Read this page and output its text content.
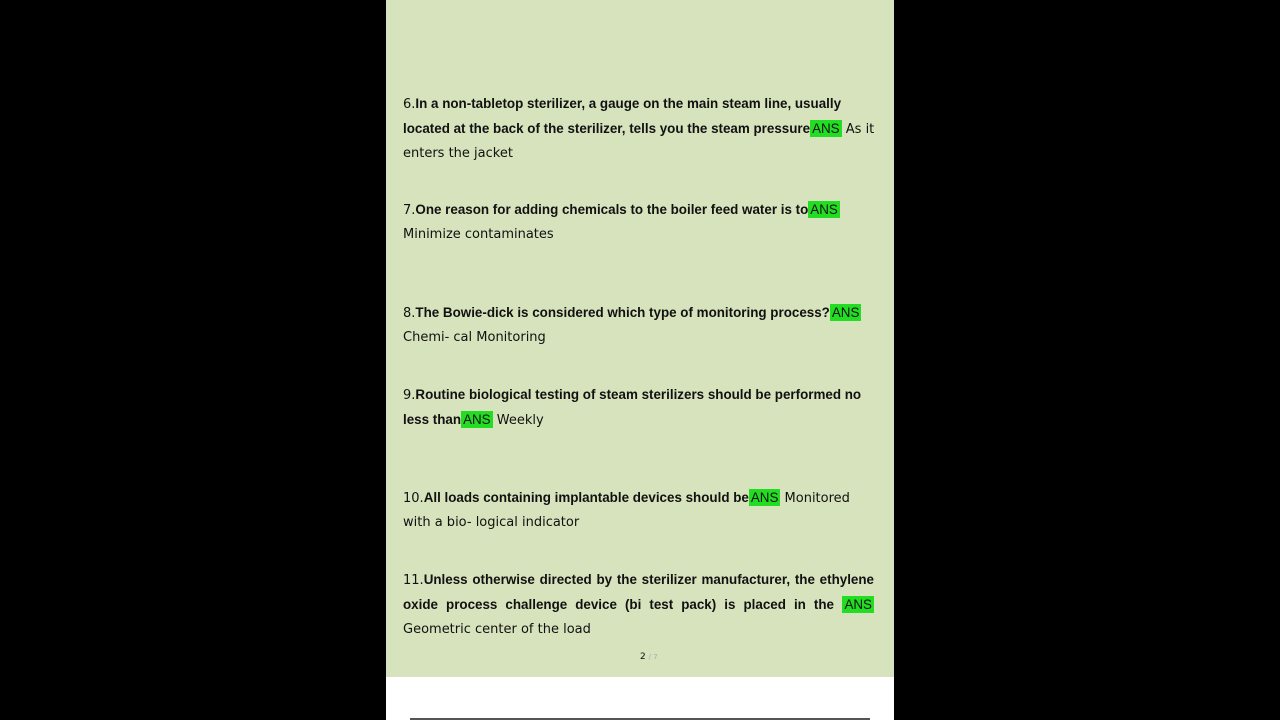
6.In a non-tabletop sterilizer, a gauge on the main steam line, usually located at the back of the sterilizer, tells you the steam pressure ANS As it enters the jacket
7.One reason for adding chemicals to the boiler feed water is to ANS Minimize contaminates
8.The Bowie-dick is considered which type of monitoring process? ANS Chemi- cal Monitoring
9.Routine biological testing of steam sterilizers should be performed no less than ANS Weekly
10.All loads containing implantable devices should be ANS Monitored with a bio- logical indicator
11.Unless otherwise directed by the sterilizer manufacturer, the ethylene oxide process challenge device (bi test pack) is placed in the ANS Geometric center of the load
2 / 7
